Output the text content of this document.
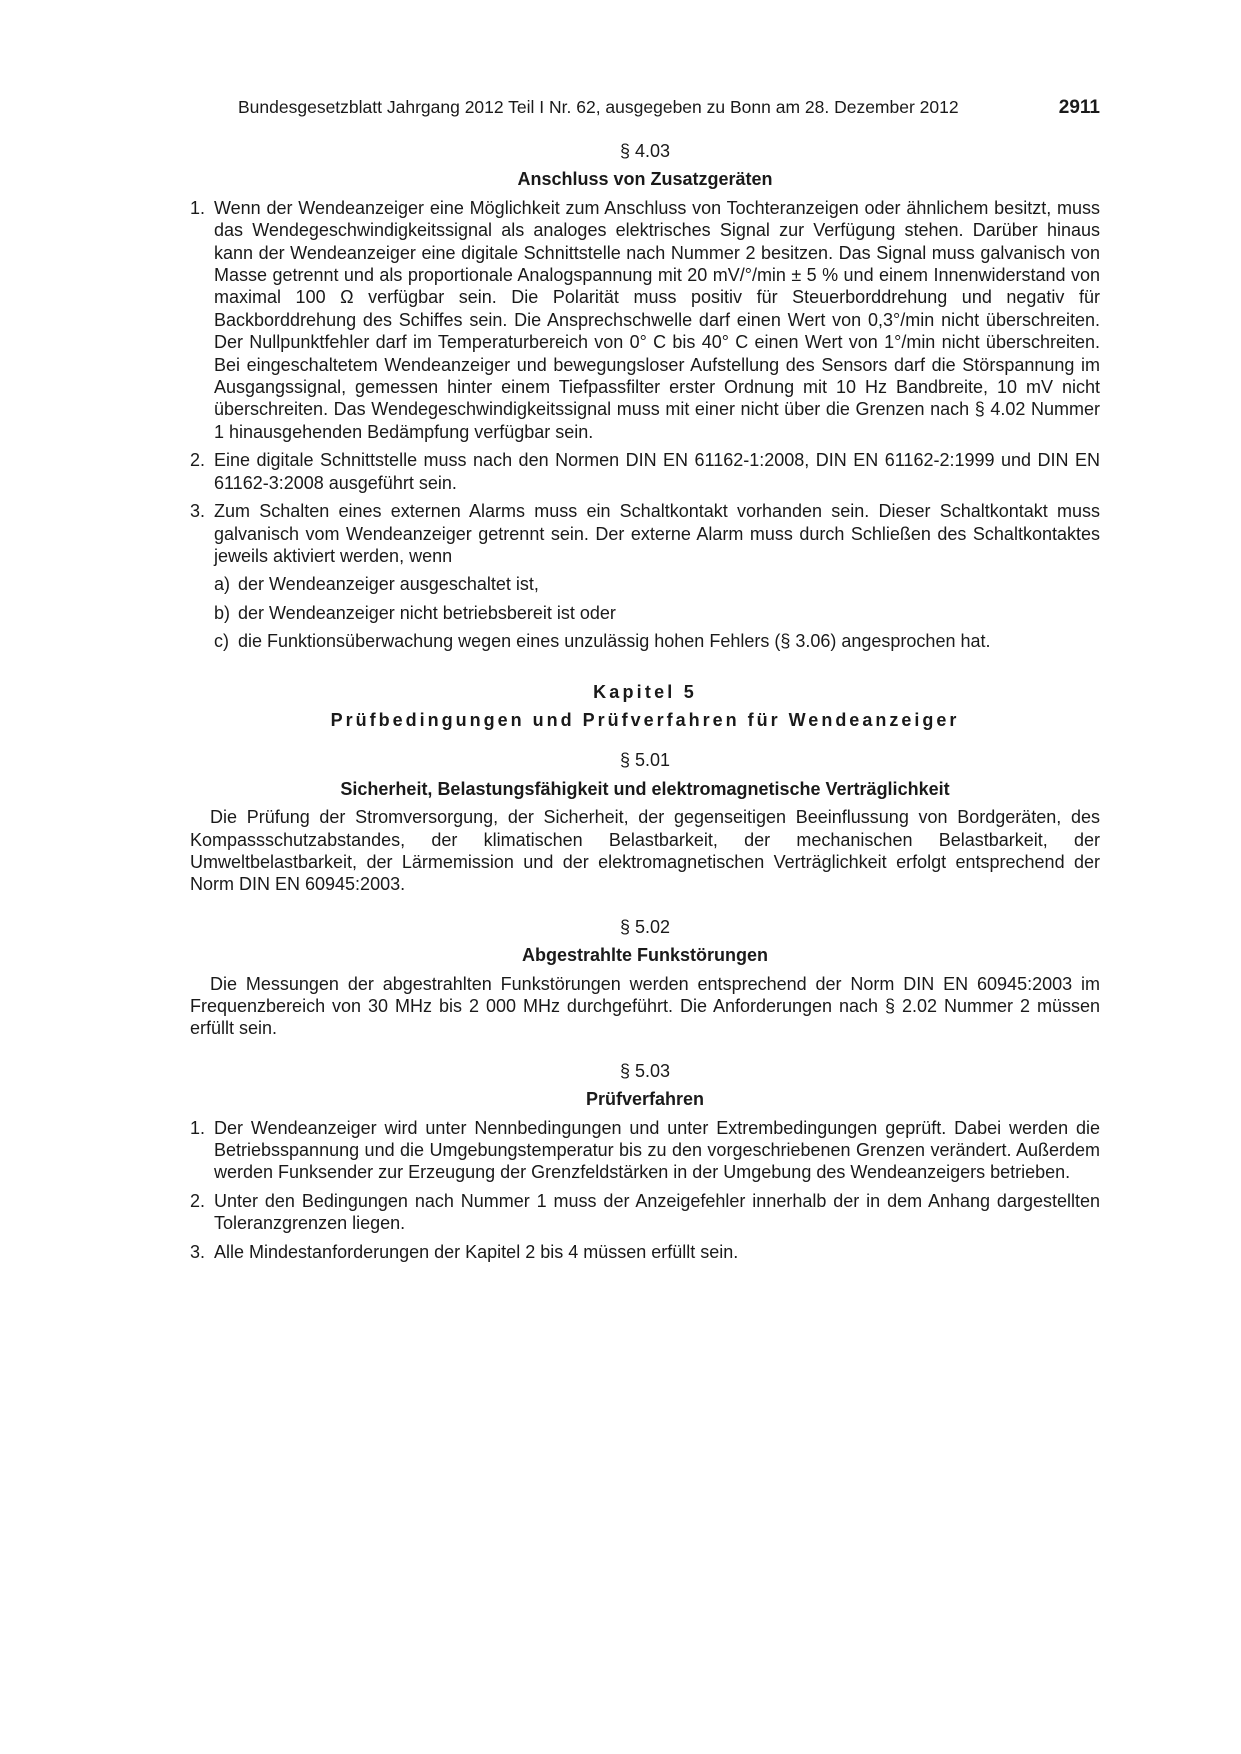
Bundesgesetzblatt Jahrgang 2012 Teil I Nr. 62, ausgegeben zu Bonn am 28. Dezember 2012	2911
§ 4.03
Anschluss von Zusatzgeräten
1. Wenn der Wendeanzeiger eine Möglichkeit zum Anschluss von Tochteranzeigen oder ähnlichem besitzt, muss das Wendegeschwindigkeitssignal als analoges elektrisches Signal zur Verfügung stehen. Darüber hinaus kann der Wendeanzeiger eine digitale Schnittstelle nach Nummer 2 besitzen. Das Signal muss galvanisch von Masse getrennt und als proportionale Analogspannung mit 20 mV/°/min ± 5 % und einem Innenwiderstand von maximal 100 Ω verfügbar sein. Die Polarität muss positiv für Steuerborddrehung und negativ für Backborddrehung des Schiffes sein. Die Ansprechschwelle darf einen Wert von 0,3°/min nicht überschreiten. Der Nullpunktfehler darf im Temperaturbereich von 0° C bis 40° C einen Wert von 1°/min nicht überschreiten. Bei eingeschaltetem Wendeanzeiger und bewegungsloser Aufstellung des Sensors darf die Störspannung im Ausgangssignal, gemessen hinter einem Tiefpassfilter erster Ordnung mit 10 Hz Bandbreite, 10 mV nicht überschreiten. Das Wendegeschwindigkeitssignal muss mit einer nicht über die Grenzen nach § 4.02 Nummer 1 hinausgehenden Bedämpfung verfügbar sein.
2. Eine digitale Schnittstelle muss nach den Normen DIN EN 61162-1:2008, DIN EN 61162-2:1999 und DIN EN 61162-3:2008 ausgeführt sein.
3. Zum Schalten eines externen Alarms muss ein Schaltkontakt vorhanden sein. Dieser Schaltkontakt muss galvanisch vom Wendeanzeiger getrennt sein. Der externe Alarm muss durch Schließen des Schaltkontaktes jeweils aktiviert werden, wenn
a) der Wendeanzeiger ausgeschaltet ist,
b) der Wendeanzeiger nicht betriebsbereit ist oder
c) die Funktionsüberwachung wegen eines unzulässig hohen Fehlers (§ 3.06) angesprochen hat.
Kapitel 5
Prüfbedingungen und Prüfverfahren für Wendeanzeiger
§ 5.01
Sicherheit, Belastungsfähigkeit und elektromagnetische Verträglichkeit
Die Prüfung der Stromversorgung, der Sicherheit, der gegenseitigen Beeinflussung von Bordgeräten, des Kompassschutzabstandes, der klimatischen Belastbarkeit, der mechanischen Belastbarkeit, der Umweltbelastbarkeit, der Lärmemission und der elektromagnetischen Verträglichkeit erfolgt entsprechend der Norm DIN EN 60945:2003.
§ 5.02
Abgestrahlte Funkstörungen
Die Messungen der abgestrahlten Funkstörungen werden entsprechend der Norm DIN EN 60945:2003 im Frequenzbereich von 30 MHz bis 2 000 MHz durchgeführt. Die Anforderungen nach § 2.02 Nummer 2 müssen erfüllt sein.
§ 5.03
Prüfverfahren
1. Der Wendeanzeiger wird unter Nennbedingungen und unter Extrembedingungen geprüft. Dabei werden die Betriebsspannung und die Umgebungstemperatur bis zu den vorgeschriebenen Grenzen verändert. Außerdem werden Funksender zur Erzeugung der Grenzfeldstärken in der Umgebung des Wendeanzeigers betrieben.
2. Unter den Bedingungen nach Nummer 1 muss der Anzeigefehler innerhalb der in dem Anhang dargestellten Toleranzgrenzen liegen.
3. Alle Mindestanforderungen der Kapitel 2 bis 4 müssen erfüllt sein.
